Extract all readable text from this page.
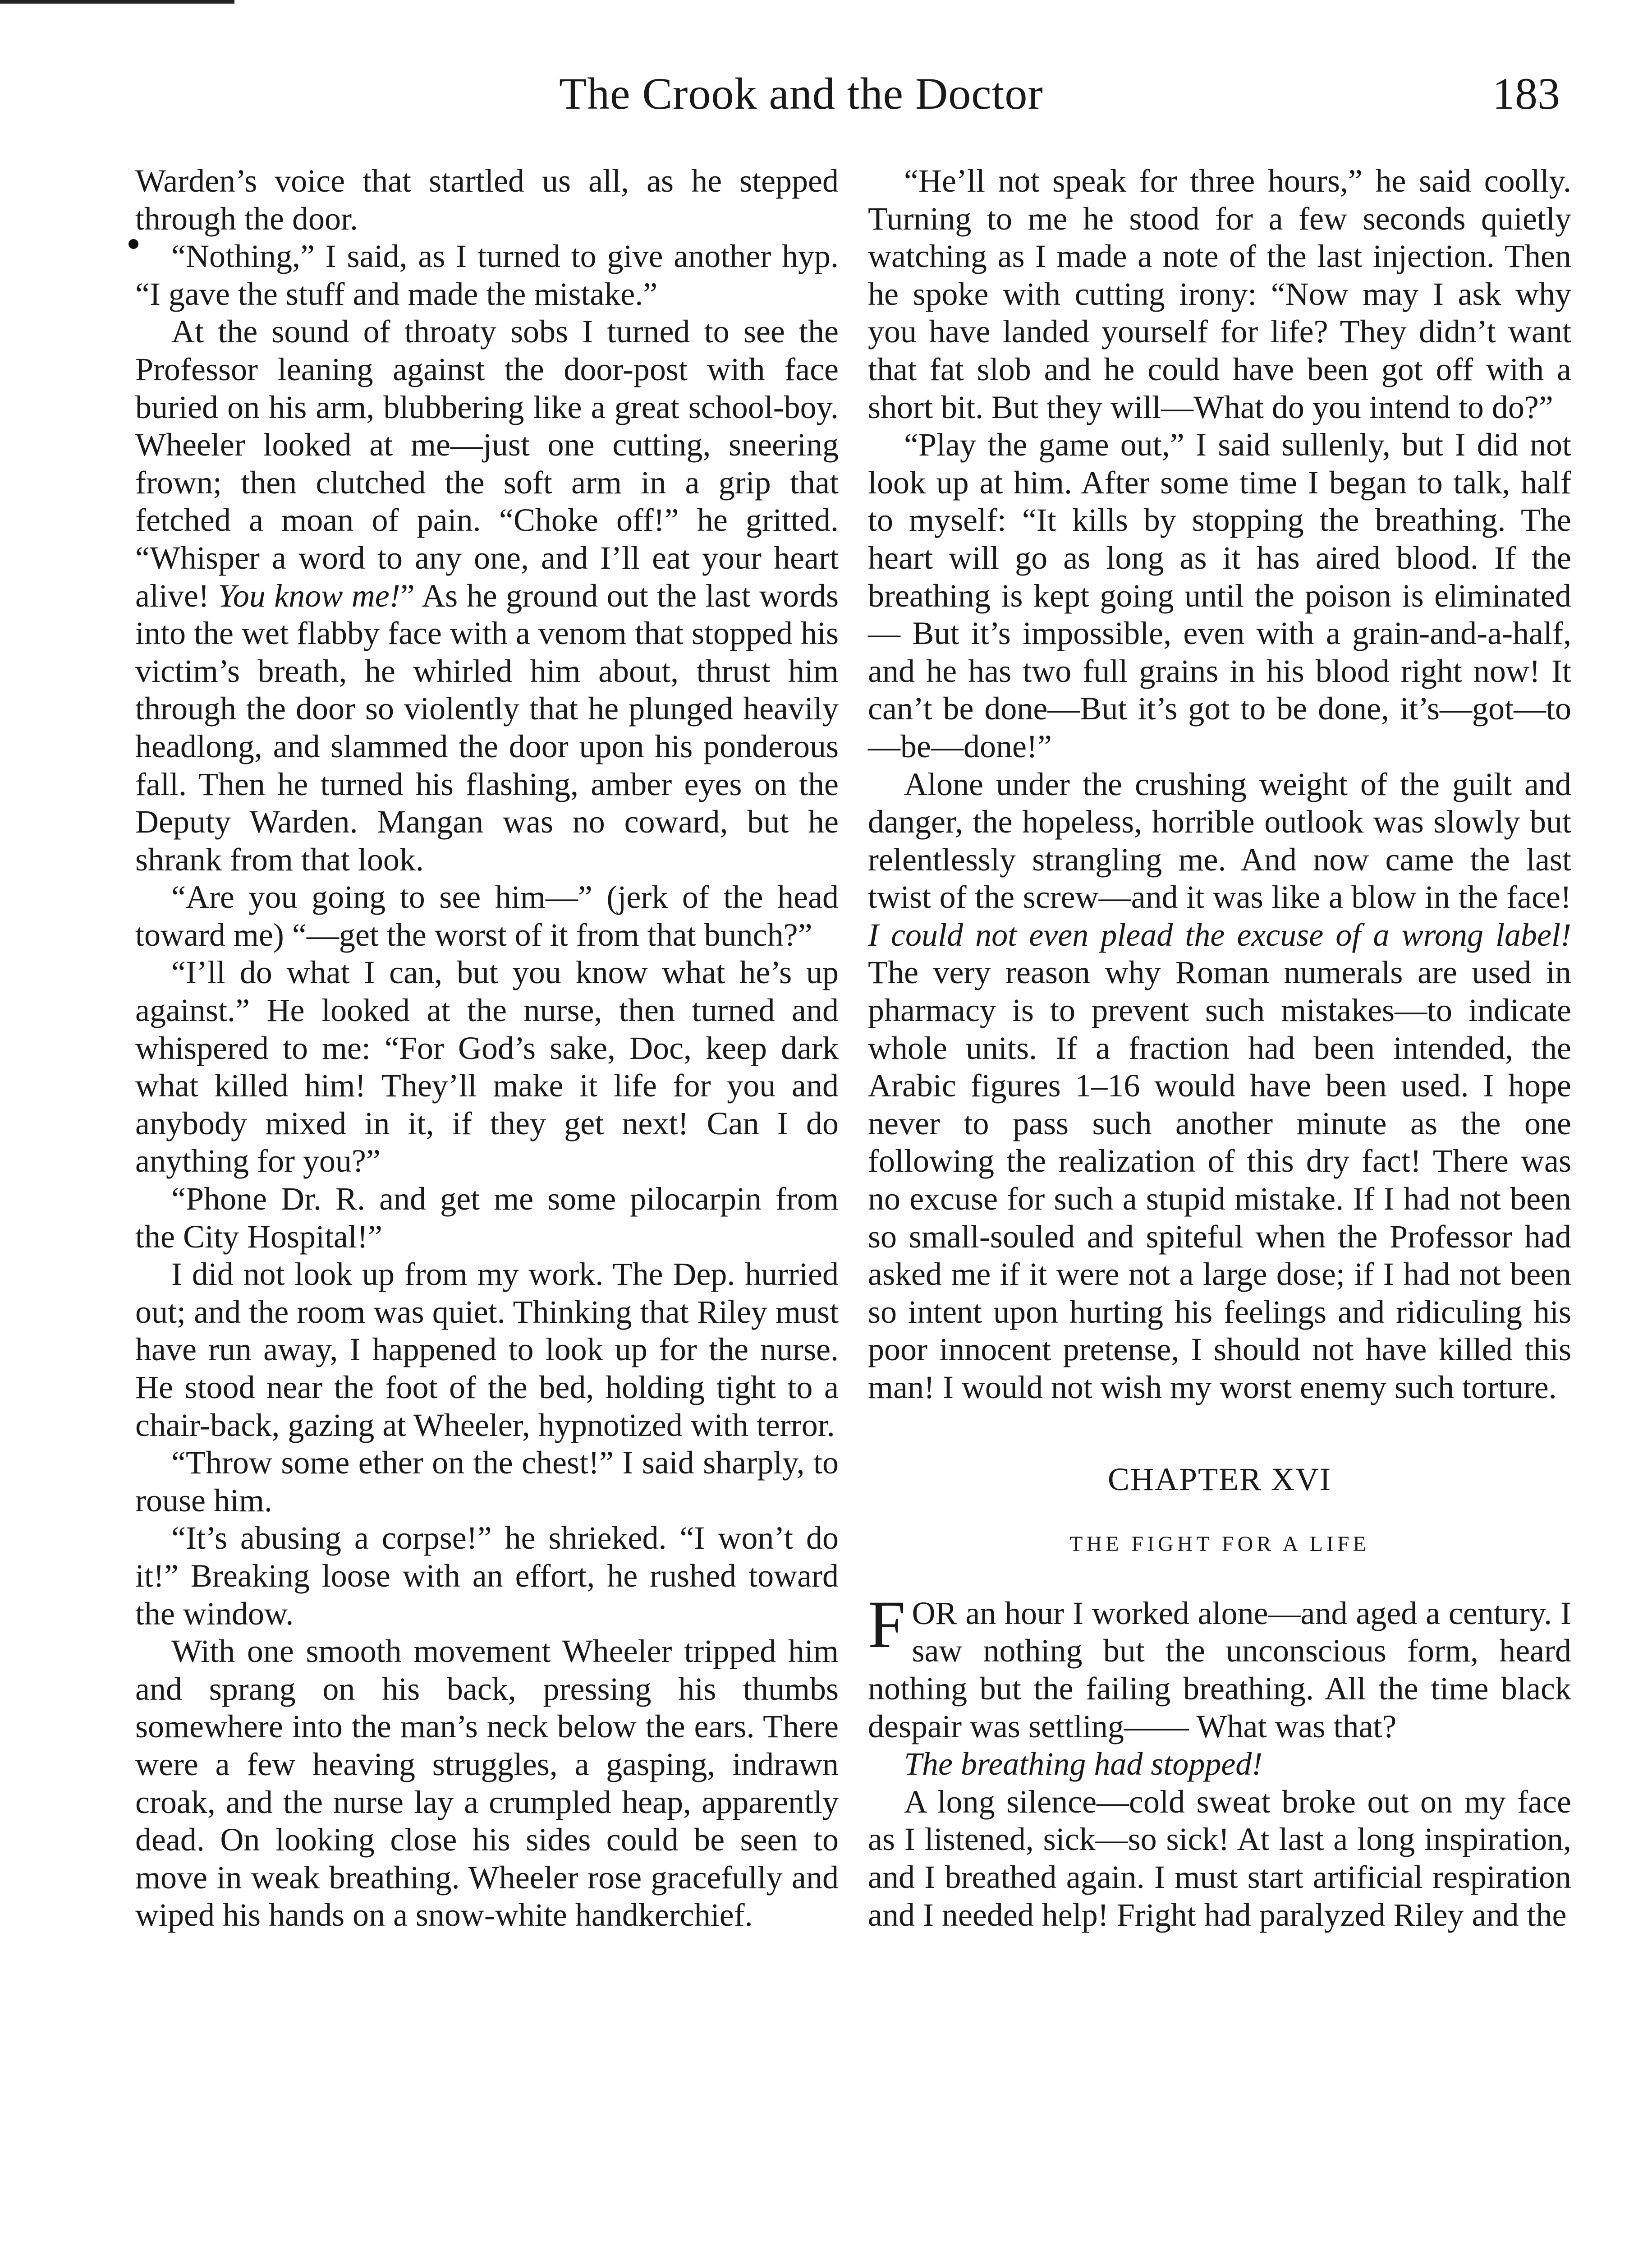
The Crook and the Doctor	183

Warden’s voice that startled us all, as he stepped through the door.

“Nothing,” I said, as I turned to give another hyp. “I gave the stuff and made the mistake.”

At the sound of throaty sobs I turned to see the Professor leaning against the door-post with face buried on his arm, blubbering like a great school-boy. Wheeler looked at me—just one cutting, sneering frown; then clutched the soft arm in a grip that fetched a moan of pain. “Choke off!” he gritted. “Whisper a word to any one, and I’ll eat your heart alive! You know me!” As he ground out the last words into the wet flabby face with a venom that stopped his victim’s breath, he whirled him about, thrust him through the door so violently that he plunged heavily headlong, and slammed the door upon his ponderous fall. Then he turned his flashing, amber eyes on the Deputy Warden. Mangan was no coward, but he shrank from that look.

“Are you going to see him—” (jerk of the head toward me) “—get the worst of it from that bunch?”

“I’ll do what I can, but you know what he’s up against.” He looked at the nurse, then turned and whispered to me: “For God’s sake, Doc, keep dark what killed him! They’ll make it life for you and anybody mixed in it, if they get next! Can I do anything for you?”

“Phone Dr. R. and get me some pilocarpin from the City Hospital!”

I did not look up from my work. The Dep. hurried out; and the room was quiet. Thinking that Riley must have run away, I happened to look up for the nurse. He stood near the foot of the bed, holding tight to a chair-back, gazing at Wheeler, hypnotized with terror.

“Throw some ether on the chest!” I said sharply, to rouse him.

“It’s abusing a corpse!” he shrieked. “I won’t do it!” Breaking loose with an effort, he rushed toward the window.

With one smooth movement Wheeler tripped him and sprang on his back, pressing his thumbs somewhere into the man’s neck below the ears. There were a few heaving struggles, a gasping, indrawn croak, and the nurse lay a crumpled heap, apparently dead. On looking close his sides could be seen to move in weak breathing. Wheeler rose gracefully and wiped his hands on a snow-white handkerchief.

“He’ll not speak for three hours,” he said coolly. Turning to me he stood for a few seconds quietly watching as I made a note of the last injection. Then he spoke with cutting irony: “Now may I ask why you have landed yourself for life? They didn’t want that fat slob and he could have been got off with a short bit. But they will—What do you intend to do?”

“Play the game out,” I said sullenly, but I did not look up at him. After some time I began to talk, half to myself: “It kills by stopping the breathing. The heart will go as long as it has aired blood. If the breathing is kept going until the poison is eliminated— But it’s impossible, even with a grain-and-a-half, and he has two full grains in his blood right now! It can’t be done—But it’s got to be done, it’s—got—to—be—done!”

Alone under the crushing weight of the guilt and danger, the hopeless, horrible outlook was slowly but relentlessly strangling me. And now came the last twist of the screw—and it was like a blow in the face! I could not even plead the excuse of a wrong label! The very reason why Roman numerals are used in pharmacy is to prevent such mistakes—to indicate whole units. If a fraction had been intended, the Arabic figures 1–16 would have been used. I hope never to pass such another minute as the one following the realization of this dry fact! There was no excuse for such a stupid mistake. If I had not been so small-souled and spiteful when the Professor had asked me if it were not a large dose; if I had not been so intent upon hurting his feelings and ridiculing his poor innocent pretense, I should not have killed this man! I would not wish my worst enemy such torture.

CHAPTER XVI
THE FIGHT FOR A LIFE

FOR an hour I worked alone—and aged a century. I saw nothing but the unconscious form, heard nothing but the failing breathing. All the time black despair was settling—— What was that?

The breathing had stopped!

A long silence—cold sweat broke out on my face as I listened, sick—so sick! At last a long inspiration, and I breathed again. I must start artificial respiration and I needed help! Fright had paralyzed Riley and the
